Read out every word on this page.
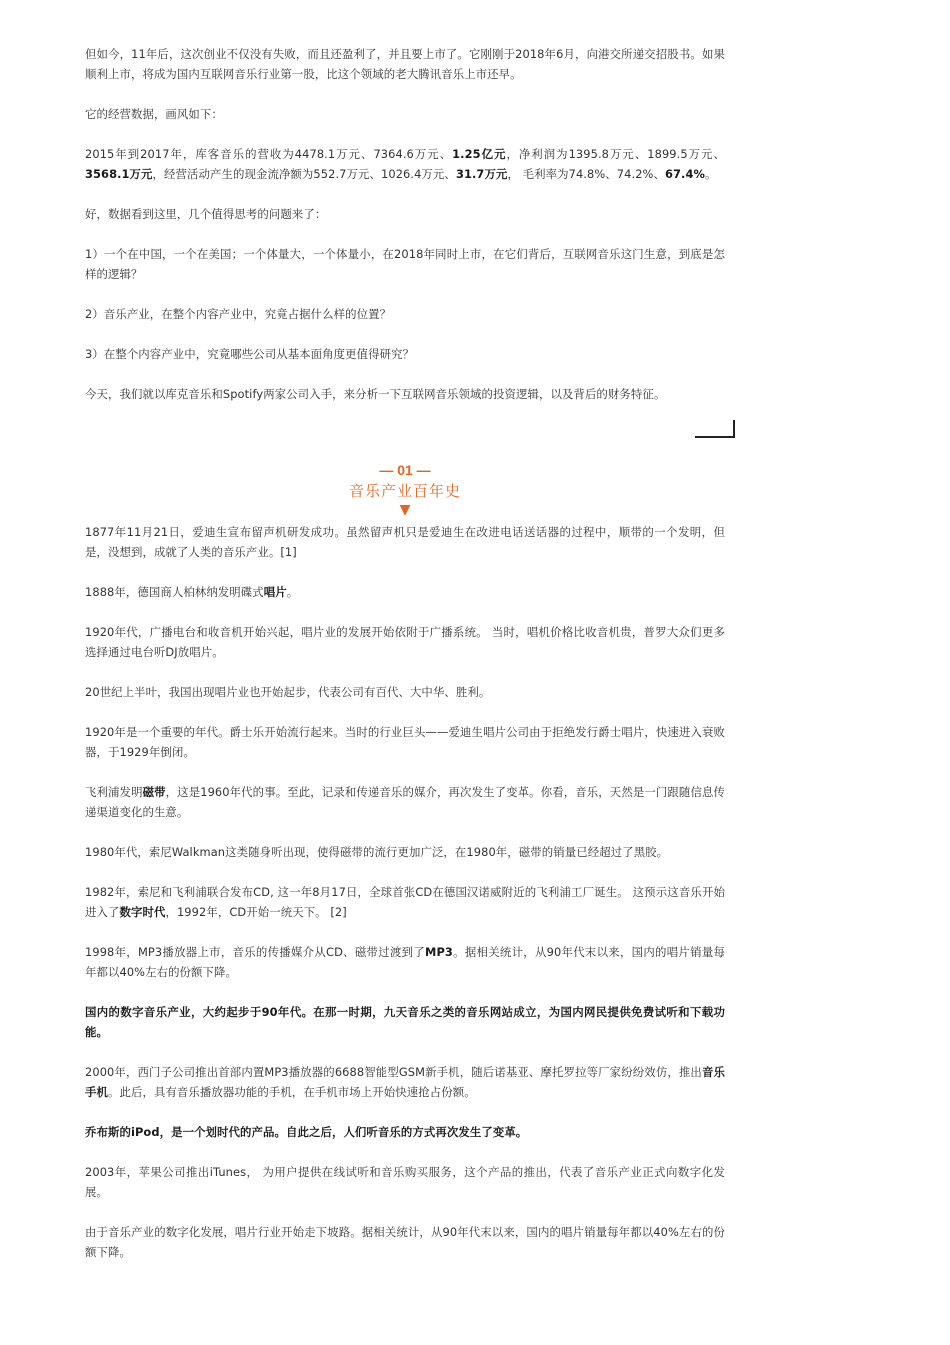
但如今，11年后，这次创业不仅没有失败，而且还盈利了，并且要上市了。它刚刚于2018年6月，向港交所递交招股书。如果顺利上市，将成为国内互联网音乐行业第一股，比这个领域的老大腾讯音乐上市还早。

它的经营数据，画风如下：

2015年到2017年，库客音乐的营收为4478.1万元、7364.6万元、1.25亿元，净利润为1395.8万元、1899.5万元、3568.1万元，经营活动产生的现金流净额为552.7万元、1026.4万元、31.7万元， 毛利率为74.8%、74.2%、67.4%。

好，数据看到这里，几个值得思考的问题来了：

1）一个在中国，一个在美国；一个体量大，一个体量小，在2018年同时上市，在它们背后，互联网音乐这门生意，到底是怎样的逻辑？

2）音乐产业，在整个内容产业中，究竟占据什么样的位置？

3）在整个内容产业中，究竟哪些公司从基本面角度更值得研究？

今天，我们就以库克音乐和Spotify两家公司入手，来分析一下互联网音乐领域的投资逻辑，以及背后的财务特征。

— 01 —
音乐产业百年史
▼

1877年11月21日，爱迪生宣布留声机研发成功。虽然留声机只是爱迪生在改进电话送话器的过程中，顺带的一个发明，但是，没想到，成就了人类的音乐产业。[1]

1888年，德国商人柏林纳发明碟式唱片。

1920年代，广播电台和收音机开始兴起，唱片业的发展开始依附于广播系统。 当时，唱机价格比收音机贵，普罗大众们更多选择通过电台听DJ放唱片。

20世纪上半叶，我国出现唱片业也开始起步，代表公司有百代、大中华、胜利。

1920年是一个重要的年代。爵士乐开始流行起来。当时的行业巨头——爱迪生唱片公司由于拒绝发行爵士唱片，快速进入衰败器，于1929年倒闭。

飞利浦发明磁带，这是1960年代的事。至此，记录和传递音乐的媒介，再次发生了变革。你看，音乐，天然是一门跟随信息传递渠道变化的生意。

1980年代，索尼Walkman这类随身听出现，使得磁带的流行更加广泛，在1980年，磁带的销量已经超过了黑胶。

1982年，索尼和飞利浦联合发布CD, 这一年8月17日，全球首张CD在德国汉诺威附近的飞利浦工厂诞生。 这预示这音乐开始进入了数字时代，1992年，CD开始一统天下。 [2]

1998年，MP3播放器上市，音乐的传播媒介从CD、磁带过渡到了MP3。据相关统计，从90年代末以来，国内的唱片销量每年都以40%左右的份额下降。

国内的数字音乐产业，大约起步于90年代。在那一时期，九天音乐之类的音乐网站成立，为国内网民提供免费试听和下载功能。

2000年，西门子公司推出首部内置MP3播放器的6688智能型GSM新手机，随后诺基亚、摩托罗拉等厂家纷纷效仿，推出音乐手机。此后，具有音乐播放器功能的手机，在手机市场上开始快速抢占份额。

乔布斯的iPod，是一个划时代的产品。自此之后，人们听音乐的方式再次发生了变革。

2003年，苹果公司推出iTunes， 为用户提供在线试听和音乐购买服务，这个产品的推出，代表了音乐产业正式向数字化发展。

由于音乐产业的数字化发展，唱片行业开始走下坡路。据相关统计，从90年代末以来，国内的唱片销量每年都以40%左右的份额下降。
